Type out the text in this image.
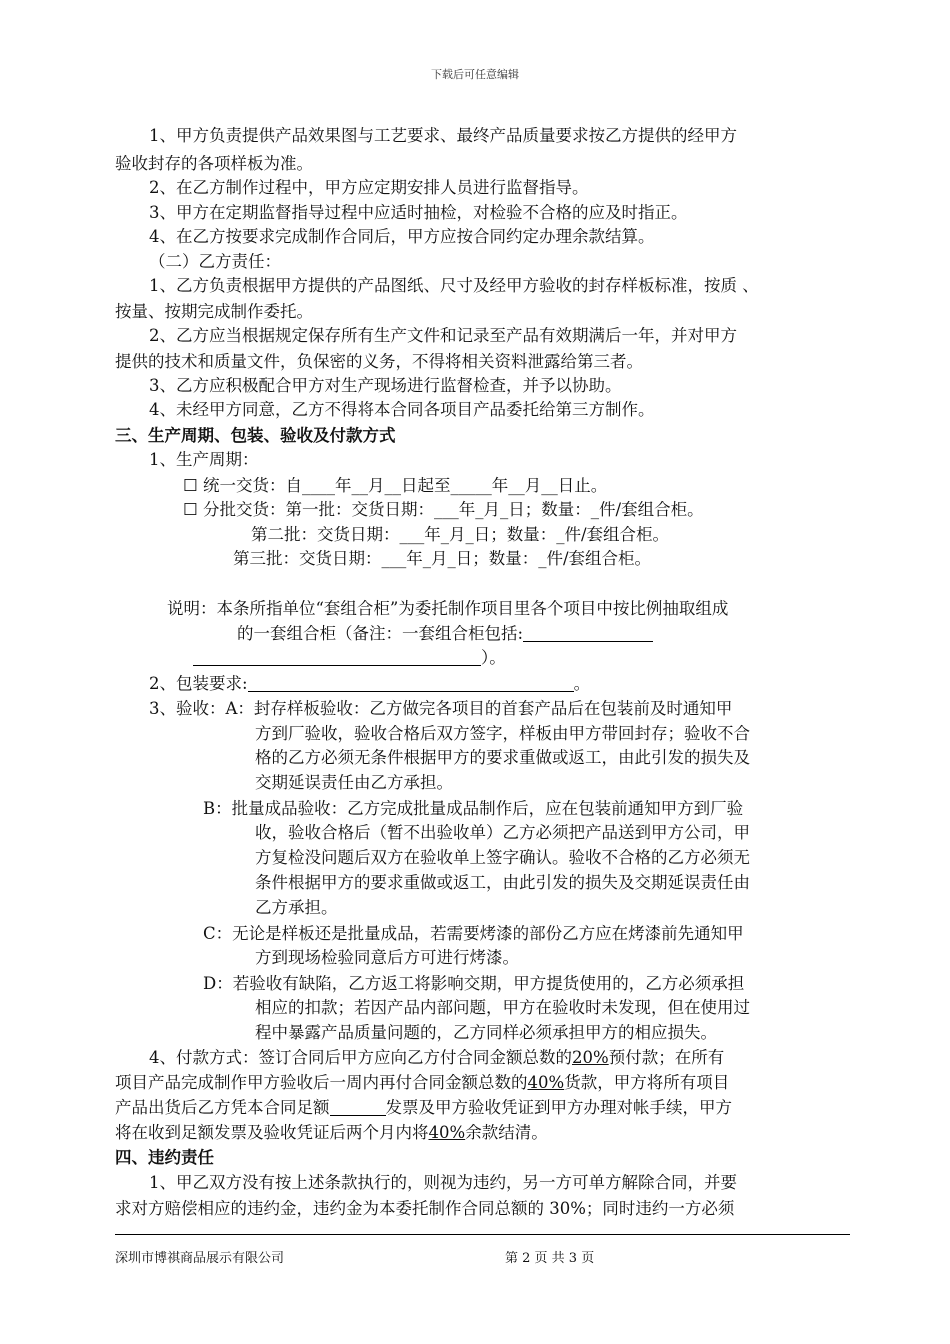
下载后可任意编辑
1、甲方负责提供产品效果图与工艺要求、最终产品质量要求按乙方提供的经甲方
验收封存的各项样板为准。
2、在乙方制作过程中，甲方应定期安排人员进行监督指导。
3、甲方在定期监督指导过程中应适时抽检，对检验不合格的应及时指正。
4、在乙方按要求完成制作合同后，甲方应按合同约定办理余款结算。
（二）乙方责任：
1、乙方负责根据甲方提供的产品图纸、尺寸及经甲方验收的封存样板标准，按质 、
按量、按期完成制作委托。
2、乙方应当根据规定保存所有生产文件和记录至产品有效期满后一年，并对甲方
提供的技术和质量文件，负保密的义务，不得将相关资料泄露给第三者。
3、乙方应积极配合甲方对生产现场进行监督检查，并予以协助。
4、未经甲方同意，乙方不得将本合同各项目产品委托给第三方制作。
三、生产周期、包装、验收及付款方式
1、生产周期：
☐ 统一交货：自____年__月__日起至_____年__月__日止。
☐ 分批交货：第一批：交货日期：___年_月_日；数量：_件/套组合柜。
第二批：交货日期：___年_月_日；数量：_件/套组合柜。
第三批：交货日期：___年_月_日；数量：_件/套组合柜。
说明：本条所指单位“套组合柜”为委托制作项目里各个项目中按比例抽取组成
的一套组合柜（备注：一套组合柜包括:
）。
2、包装要求:	。
3、验收：A：封存样板验收：乙方做完各项目的首套产品后在包装前及时通知甲
方到厂验收，验收合格后双方签字，样板由甲方带回封存；验收不合
格的乙方必须无条件根据甲方的要求重做或返工，由此引发的损失及
交期延误责任由乙方承担。
B：批量成品验收：乙方完成批量成品制作后，应在包装前通知甲方到厂验
收，验收合格后（暂不出验收单）乙方必须把产品送到甲方公司，甲
方复检没问题后双方在验收单上签字确认。验收不合格的乙方必须无
条件根据甲方的要求重做或返工，由此引发的损失及交期延误责任由
乙方承担。
C：无论是样板还是批量成品，若需要烤漆的部份乙方应在烤漆前先通知甲
方到现场检验同意后方可进行烤漆。
D：若验收有缺陷，乙方返工将影响交期，甲方提货使用的，乙方必须承担
相应的扣款；若因产品内部问题，甲方在验收时未发现，但在使用过
程中暴露产品质量问题的，乙方同样必须承担甲方的相应损失。
4、付款方式：签订合同后甲方应向乙方付合同金额总数的20%预付款；在所有
项目产品完成制作甲方验收后一周内再付合同金额总数的40%货款，甲方将所有项目
产品出货后乙方凭本合同足额	发票及甲方验收凭证到甲方办理对帐手续，甲方
将在收到足额发票及验收凭证后两个月内将40%余款结清。
四、违约责任
1、甲乙双方没有按上述条款执行的，则视为违约，另一方可单方解除合同，并要
求对方赔偿相应的违约金，违约金为本委托制作合同总额的 30%；同时违约一方必须
深圳市博祺商品展示有限公司	第 2 页 共 3 页
